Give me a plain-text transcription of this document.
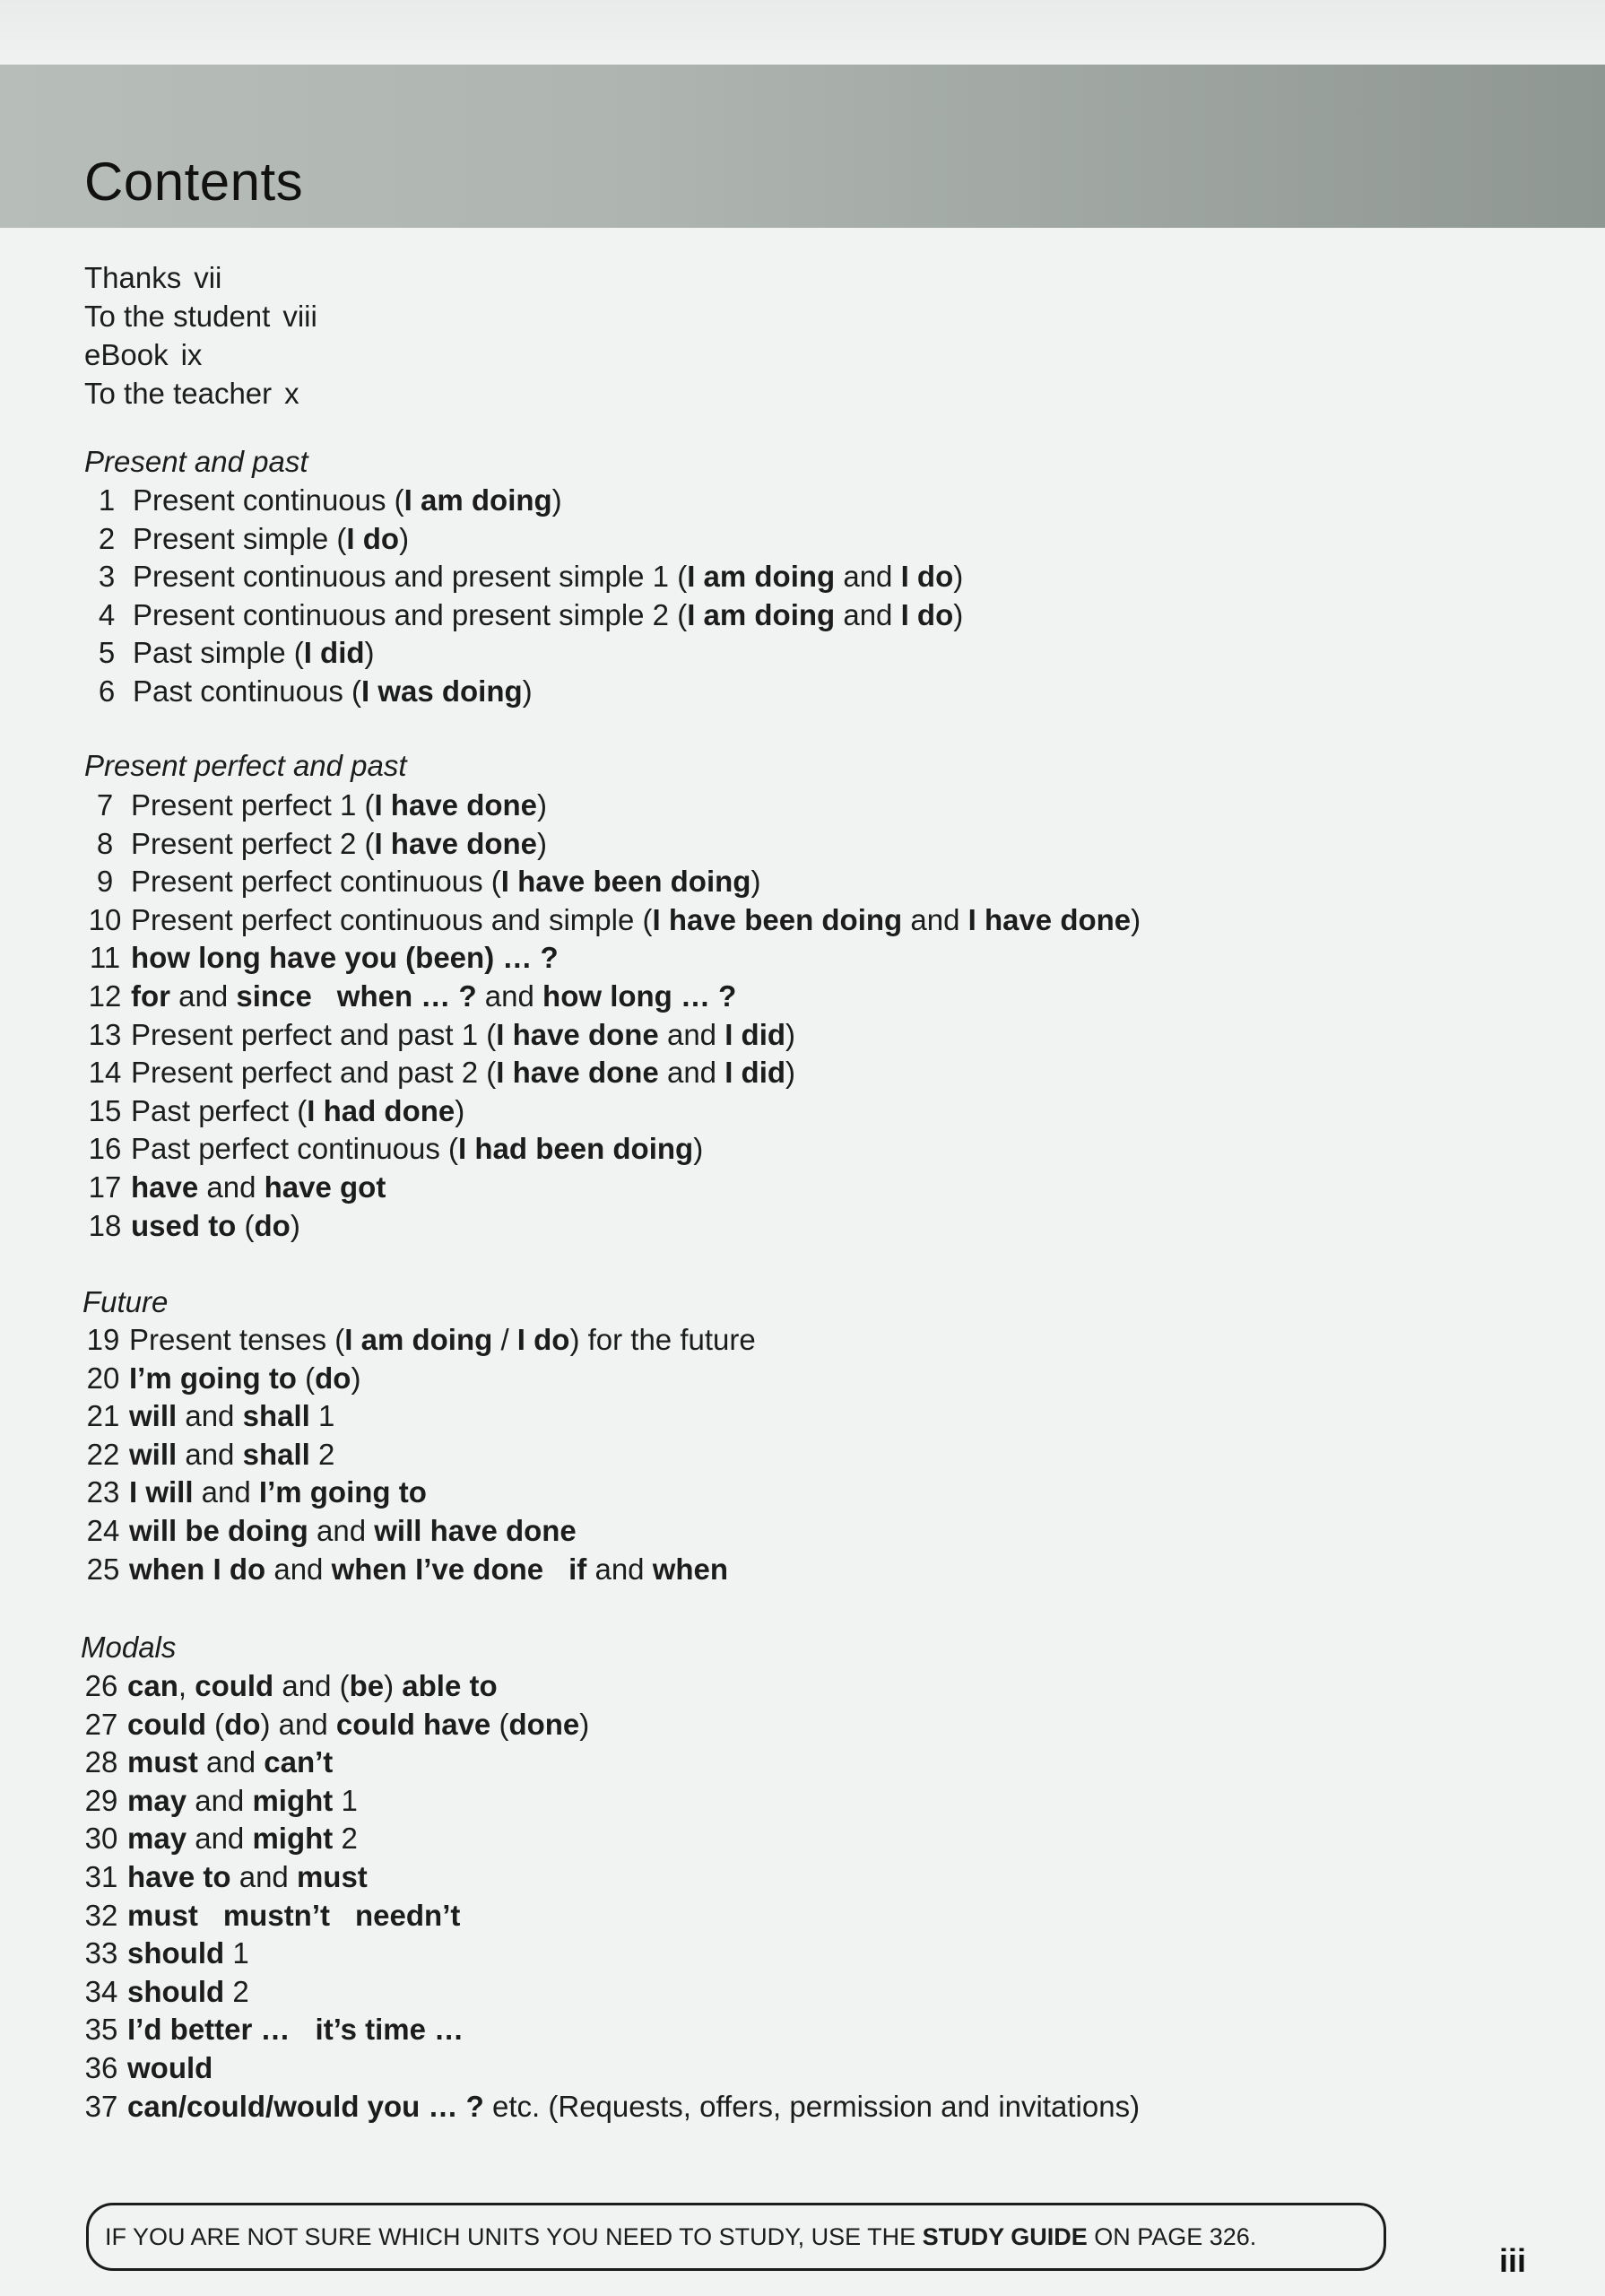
Contents
Thanks vii
To the student viii
eBook ix
To the teacher x
Present and past
1 Present continuous (I am doing)
2 Present simple (I do)
3 Present continuous and present simple 1 (I am doing and I do)
4 Present continuous and present simple 2 (I am doing and I do)
5 Past simple (I did)
6 Past continuous (I was doing)
Present perfect and past
7 Present perfect 1 (I have done)
8 Present perfect 2 (I have done)
9 Present perfect continuous (I have been doing)
10 Present perfect continuous and simple (I have been doing and I have done)
11 how long have you (been) … ?
12 for and since when … ? and how long … ?
13 Present perfect and past 1 (I have done and I did)
14 Present perfect and past 2 (I have done and I did)
15 Past perfect (I had done)
16 Past perfect continuous (I had been doing)
17 have and have got
18 used to (do)
Future
19 Present tenses (I am doing / I do) for the future
20 I’m going to (do)
21 will and shall 1
22 will and shall 2
23 I will and I’m going to
24 will be doing and will have done
25 when I do and when I’ve done if and when
Modals
26 can, could and (be) able to
27 could (do) and could have (done)
28 must and can’t
29 may and might 1
30 may and might 2
31 have to and must
32 must mustn’t needn’t
33 should 1
34 should 2
35 I’d better … it’s time …
36 would
37 can/could/would you … ? etc. (Requests, offers, permission and invitations)
IF YOU ARE NOT SURE WHICH UNITS YOU NEED TO STUDY, USE THE STUDY GUIDE ON PAGE 326.
iii
